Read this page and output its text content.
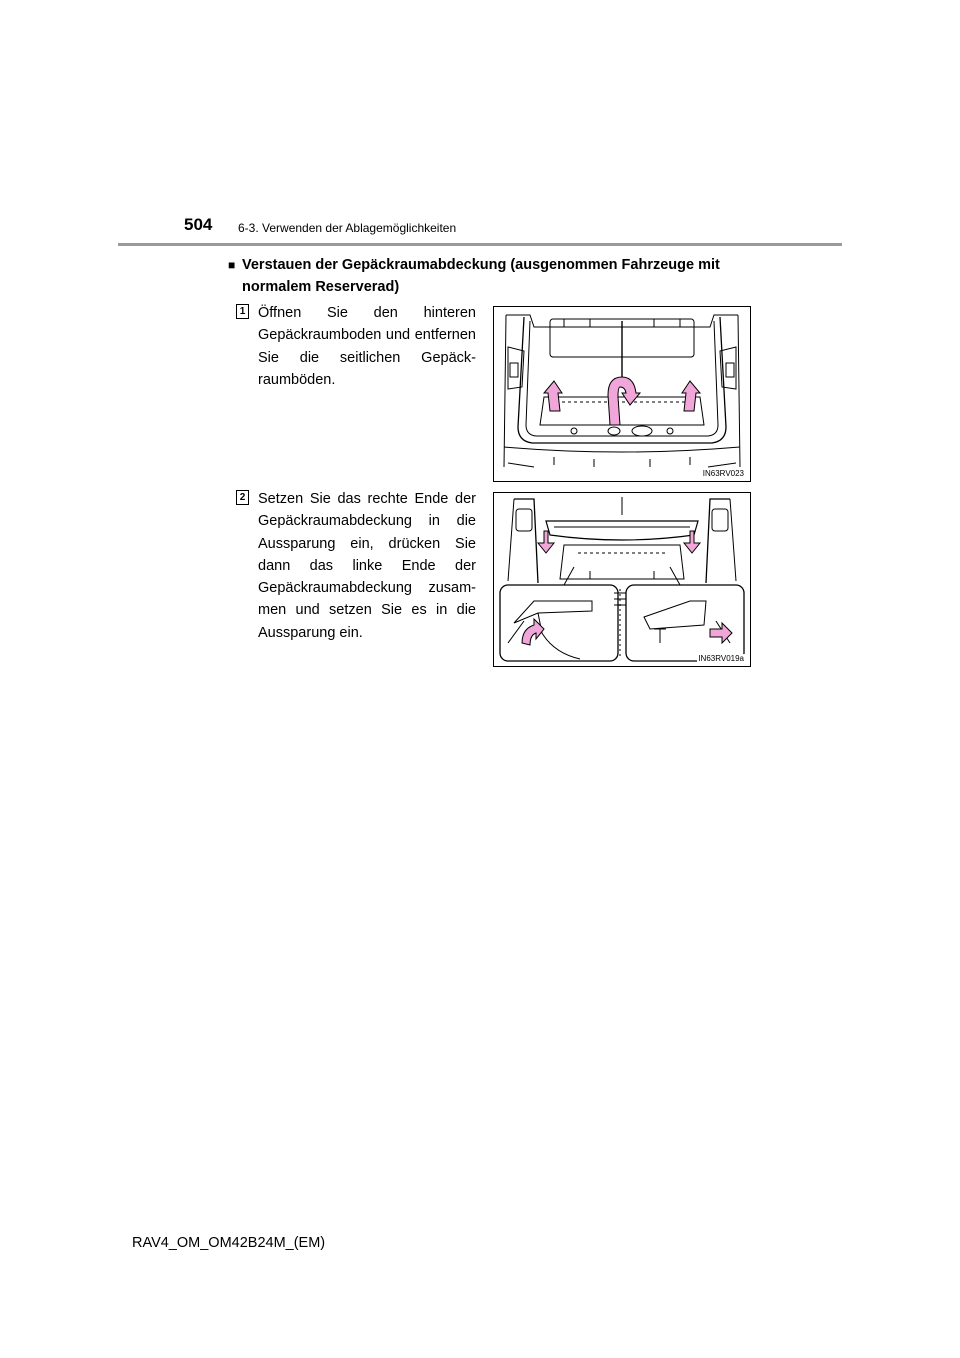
504 6-3. Verwenden der Ablagemöglichkeiten
■ Verstauen der Gepäckraumabdeckung (ausgenommen Fahrzeuge mit normalem Reserverad)
1 Öffnen Sie den hinteren Gepäckraumboden und entfernen Sie die seitlichen Gepäckraumböden.
IN63RV023
2 Setzen Sie das rechte Ende der Gepäckraumabdeckung in die Aussparung ein, drücken Sie dann das linke Ende der Gepäckraumabdeckung zusammen und setzen Sie es in die Aussparung ein.
IN63RV019a
RAV4_OM_OM42B24M_(EM)
